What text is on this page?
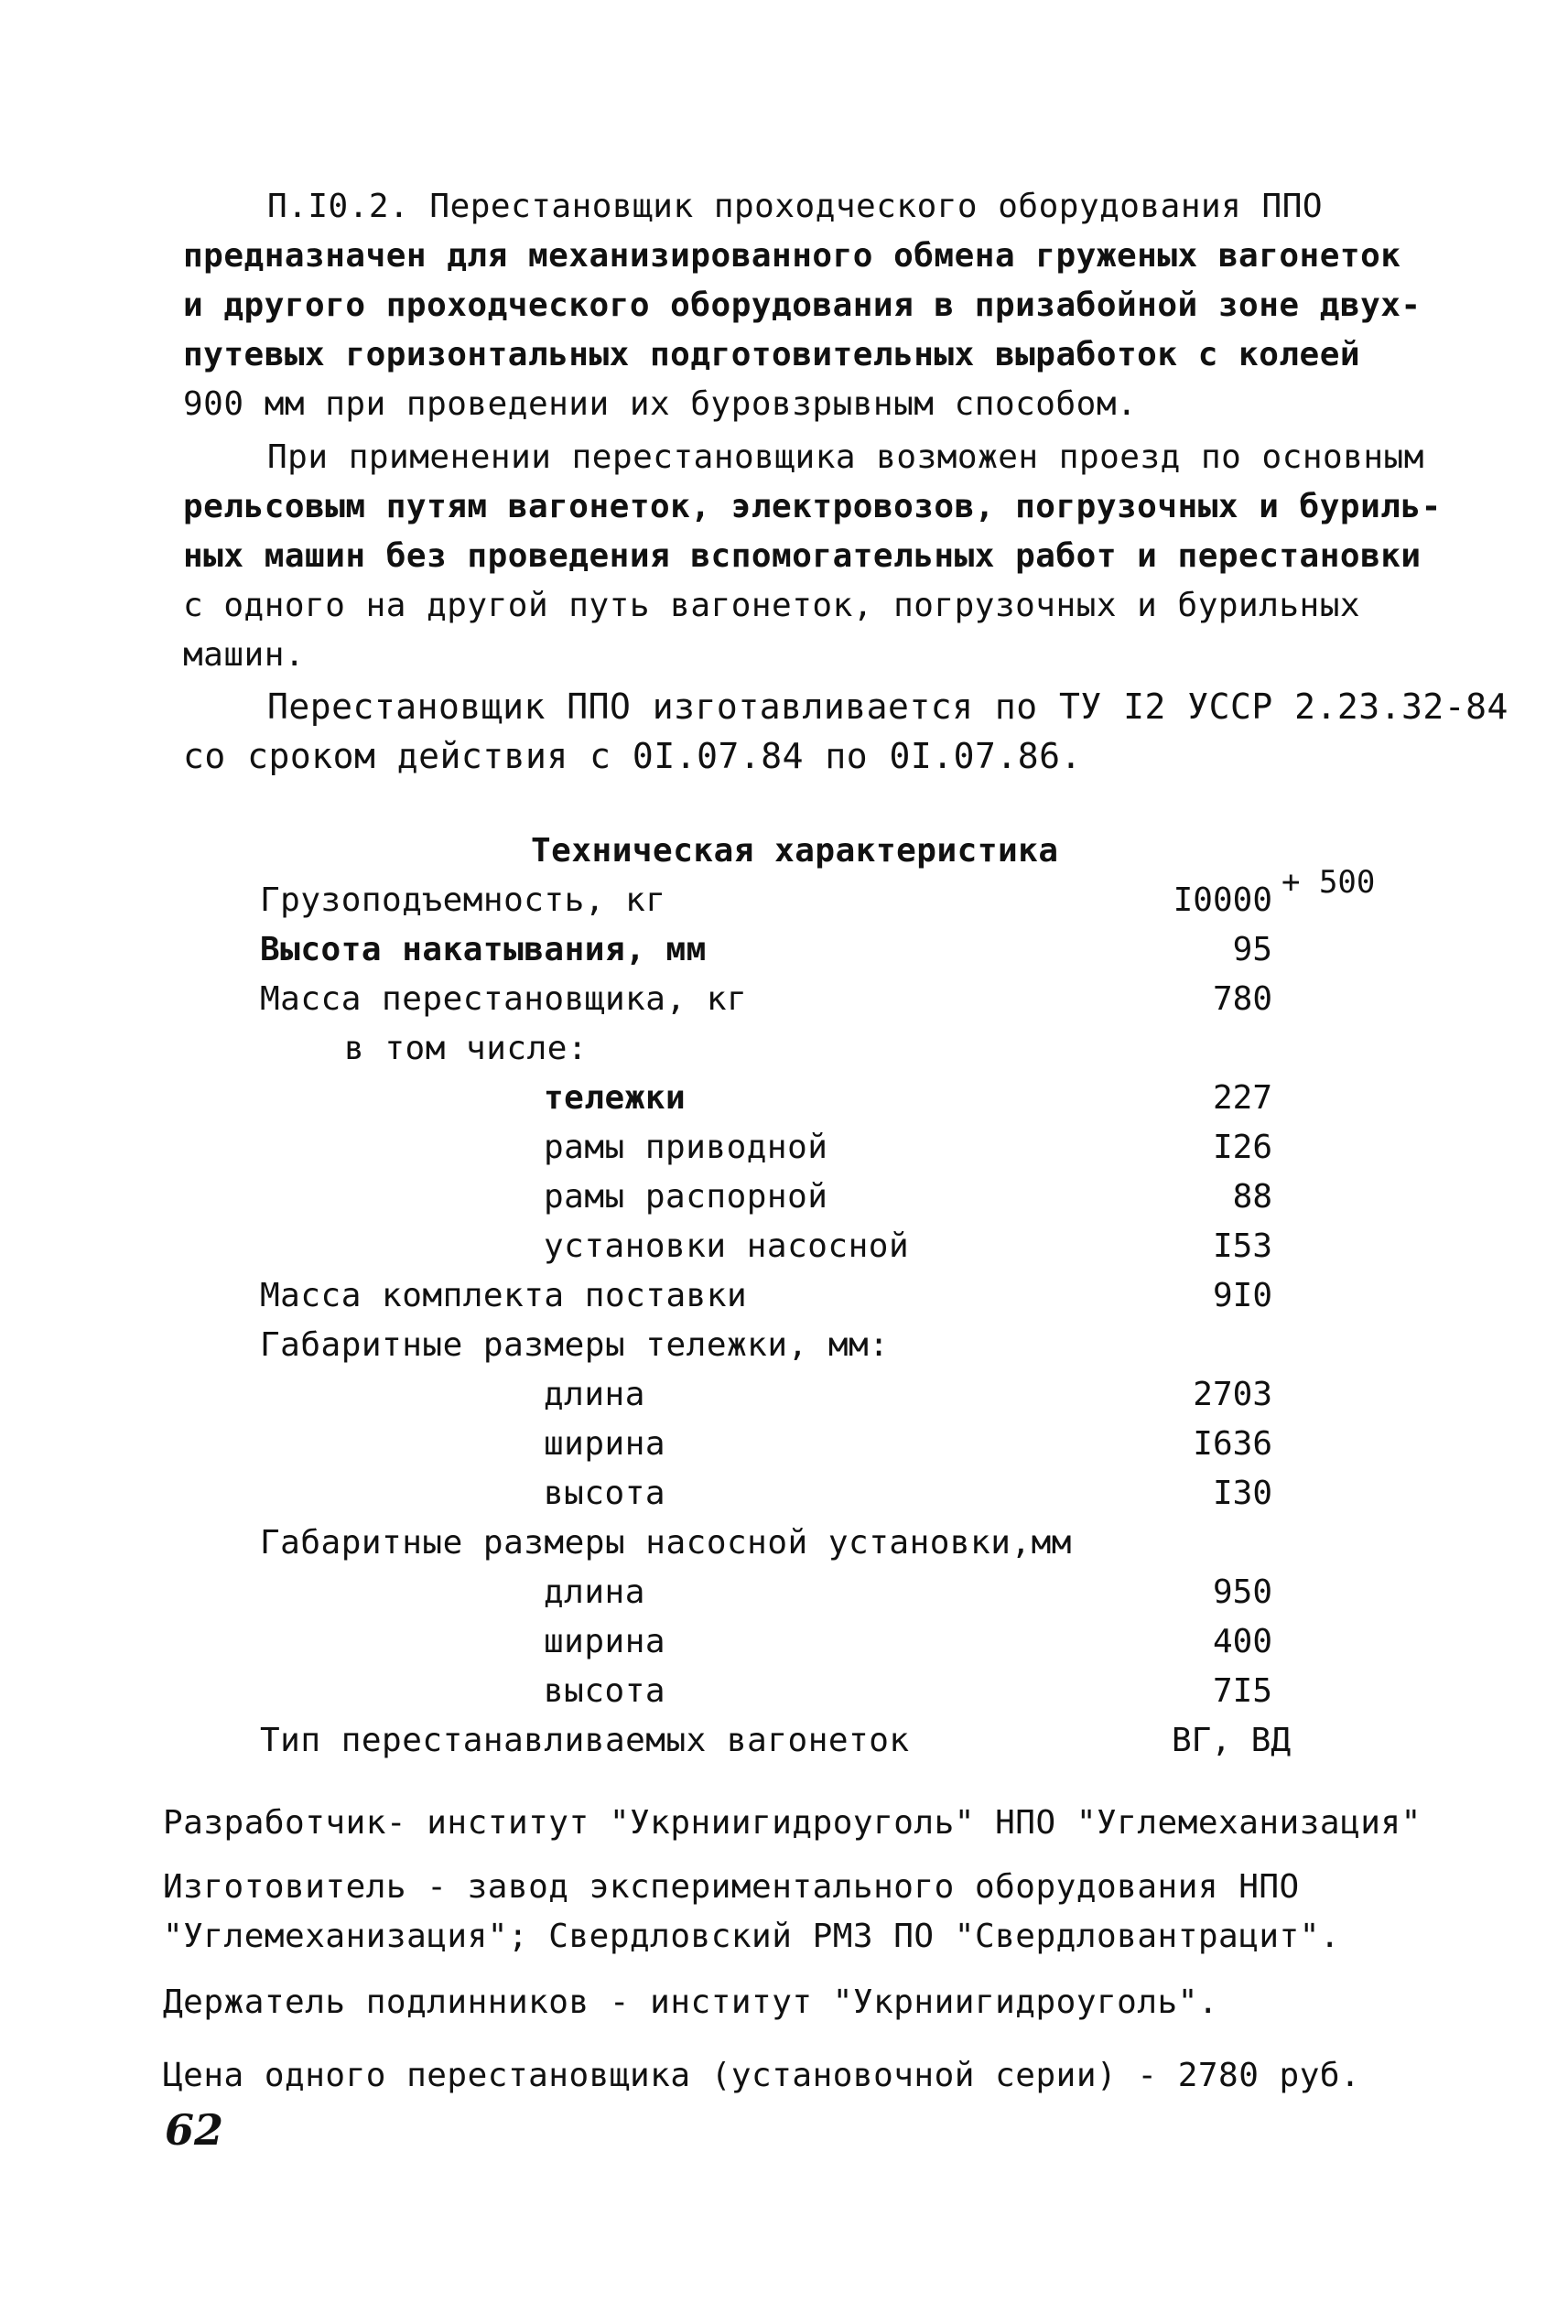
П.I0.2. Перестановщик проходческого оборудования ППО
предназначен для механизированного обмена груженых вагонеток
и другого проходческого оборудования в призабойной зоне двух-
путевых горизонтальных подготовительных выработок с колеей
900 мм при проведении их буровзрывным способом.
При применении перестановщика возможен проезд по основным
рельсовым путям вагонеток, электровозов, погрузочных и буриль-
ных машин без проведения вспомогательных работ и перестановки
с одного на другой путь вагонеток, погрузочных и бурильных
машин.
Перестановщик ППО изготавливается по ТУ I2 УССР 2.23.32-84
со сроком действия с 0I.07.84 по 0I.07.86.
Техническая характеристика
+ 500
Грузоподъемность, кг	I0000
Высота накатывания, мм	95
Масса перестановщика, кг	780
в том числе:
тележки	227
рамы приводной	I26
рамы распорной	88
установки насосной	I53
Масса комплекта поставки	9I0
Габаритные размеры тележки, мм:
длина	2703
ширина	I636
высота	I30
Габаритные размеры насосной установки,мм
длина	950
ширина	400
высота	7I5
Тип перестанавливаемых вагонеток	ВГ, ВД
Разработчик- институт "Укрниигидроуголь" НПО "Углемеханизация"
Изготовитель - завод экспериментального оборудования НПО
"Углемеханизация"; Свердловский РМЗ ПО "Свердловантрацит".
Держатель подлинников - институт "Укрниигидроуголь".
Цена одного перестановщика (установочной серии) - 2780 руб.
62
